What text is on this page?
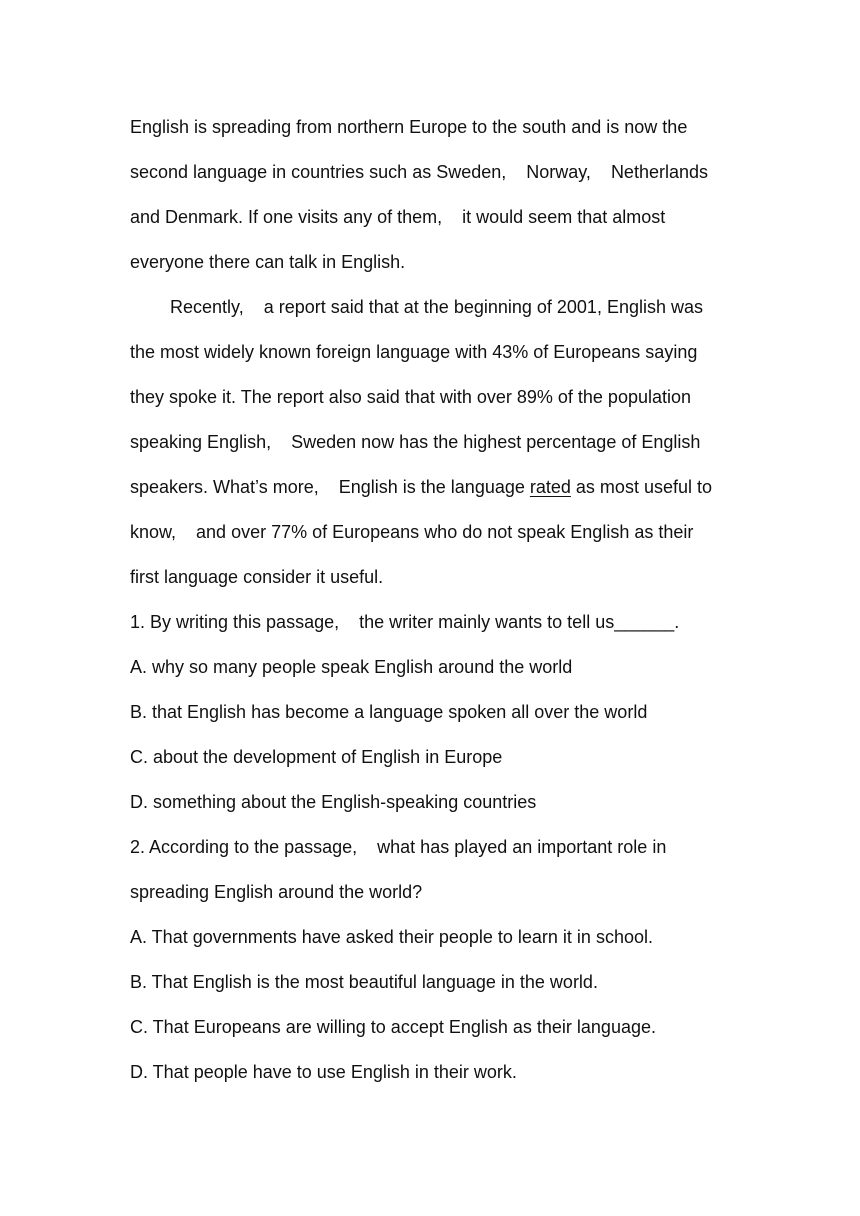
English is spreading from northern Europe to the south and is now the
second language in countries such as Sweden,    Norway,    Netherlands
and Denmark. If one visits any of them,    it would seem that almost
everyone there can talk in English.
Recently,    a report said that at the beginning of 2001, English was
the most widely known foreign language with 43% of Europeans saying
they spoke it. The report also said that with over 89% of the population
speaking English,    Sweden now has the highest percentage of English
speakers. What’s more,    English is the language rated as most useful to
know,    and over 77% of Europeans who do not speak English as their
first language consider it useful.
1. By writing this passage,    the writer mainly wants to tell us______.
A. why so many people speak English around the world
B. that English has become a language spoken all over the world
C. about the development of English in Europe
D. something about the English-speaking countries
2. According to the passage,    what has played an important role in
spreading English around the world?
A. That governments have asked their people to learn it in school.
B. That English is the most beautiful language in the world.
C. That Europeans are willing to accept English as their language.
D. That people have to use English in their work.
